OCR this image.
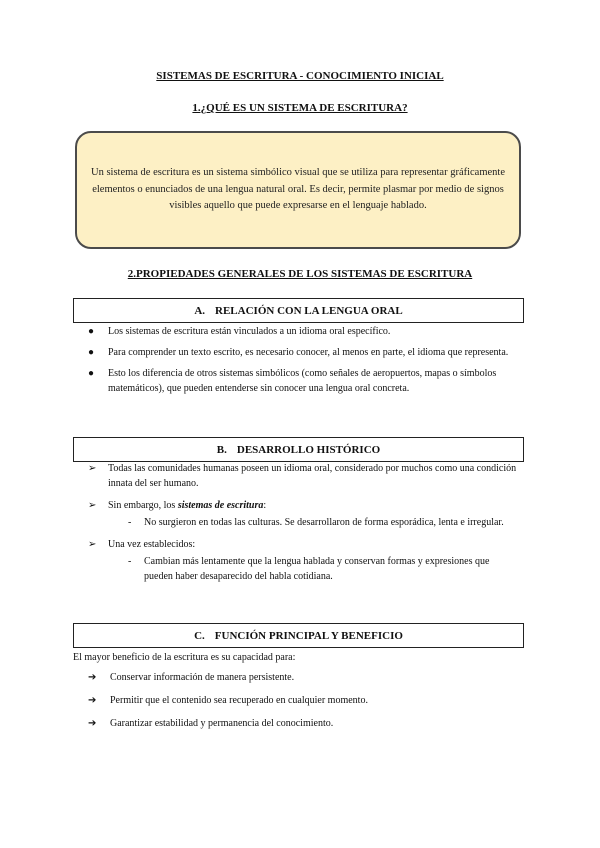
SISTEMAS DE ESCRITURA - CONOCIMIENTO INICIAL
1.¿QUÉ ES UN SISTEMA DE ESCRITURA?

Un sistema de escritura es un sistema simbólico visual que se utiliza para representar gráficamente elementos o enunciados de una lengua natural oral. Es decir, permite plasmar por medio de signos visibles aquello que puede expresarse en el lenguaje hablado.

2.PROPIEDADES GENERALES DE LOS SISTEMAS DE ESCRITURA
A. RELACIÓN CON LA LENGUA ORAL
● Los sistemas de escritura están vinculados a un idioma oral específico.
● Para comprender un texto escrito, es necesario conocer, al menos en parte, el idioma que representa.
● Esto los diferencia de otros sistemas simbólicos (como señales de aeropuertos, mapas o símbolos matemáticos), que pueden entenderse sin conocer una lengua oral concreta.
B. DESARROLLO HISTÓRICO
➢ Todas las comunidades humanas poseen un idioma oral, considerado por muchos como una condición innata del ser humano.
➢ Sin embargo, los sistemas de escritura:
- No surgieron en todas las culturas. Se desarrollaron de forma esporádica, lenta e irregular.
➢ Una vez establecidos:
- Cambian más lentamente que la lengua hablada y conservan formas y expresiones que pueden haber desaparecido del habla cotidiana.
C. FUNCIÓN PRINCIPAL Y BENEFICIO
El mayor beneficio de la escritura es su capacidad para:
➔ Conservar información de manera persistente.
➔ Permitir que el contenido sea recuperado en cualquier momento.
➔ Garantizar estabilidad y permanencia del conocimiento.
